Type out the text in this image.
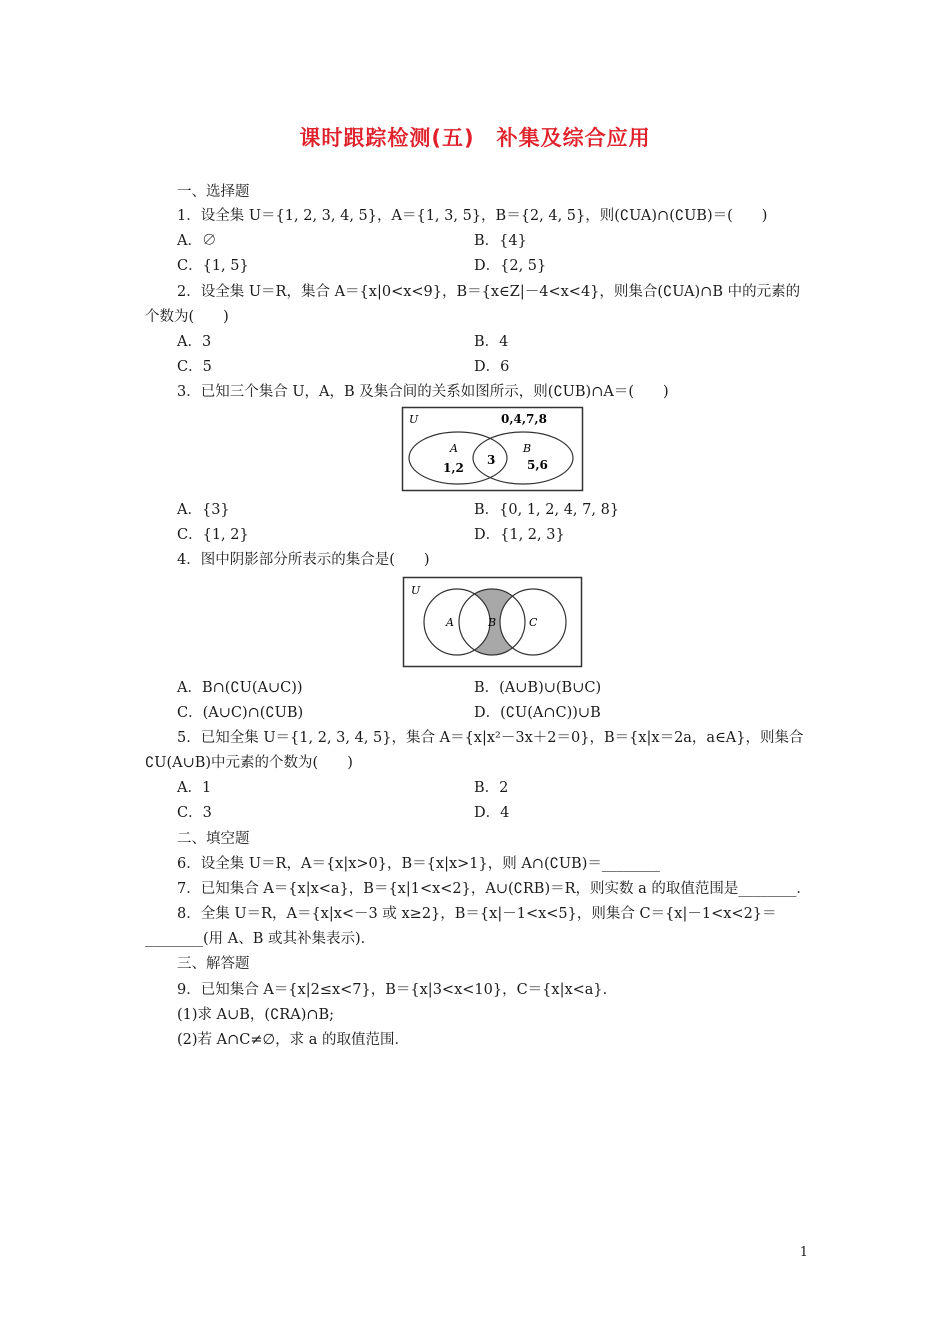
课时跟踪检测(五)　补集及综合应用
一、选择题
1．设全集 U＝{1, 2, 3, 4, 5}，A＝{1, 3, 5}，B＝{2, 4, 5}，则(∁UA)∩(∁UB)＝(　　)
A．∅	B．{4}
C．{1, 5}	D．{2, 5}
2．设全集 U＝R，集合 A＝{x|0<x<9}，B＝{x∈Z|－4<x<4}，则集合(∁UA)∩B 中的元素的
个数为(　　)
A．3	B．4
C．5	D．6
3．已知三个集合 U，A，B 及集合间的关系如图所示，则(∁UB)∩A＝(　　)
U	0,4,7,8
A	B
1,2
3	5,6
A．{3}	B．{0, 1, 2, 4, 7, 8}
C．{1, 2}	D．{1, 2, 3}
4．图中阴影部分所表示的集合是(　　)
U
A	B	C
A．B∩(∁U(A∪C))	B．(A∪B)∪(B∪C)
C．(A∪C)∩(∁UB)	D．(∁U(A∩C))∪B
5．已知全集 U＝{1, 2, 3, 4, 5}，集合 A＝{x|x²－3x＋2＝0}，B＝{x|x＝2a，a∈A}，则集合
∁U(A∪B)中元素的个数为(　　)
A．1	B．2
C．3	D．4
二、填空题
6．设全集 U＝R，A＝{x|x>0}，B＝{x|x>1}，则 A∩(∁UB)＝________
7．已知集合 A＝{x|x<a}，B＝{x|1<x<2}，A∪(∁RB)＝R，则实数 a 的取值范围是________．
8．全集 U＝R，A＝{x|x<－3 或 x≥2}，B＝{x|－1<x<5}，则集合 C＝{x|－1<x<2}＝
________(用 A、B 或其补集表示)．
三、解答题
9．已知集合 A＝{x|2≤x<7}，B＝{x|3<x<10}，C＝{x|x<a}．
(1)求 A∪B，(∁RA)∩B;
(2)若 A∩C≠∅，求 a 的取值范围．
1
